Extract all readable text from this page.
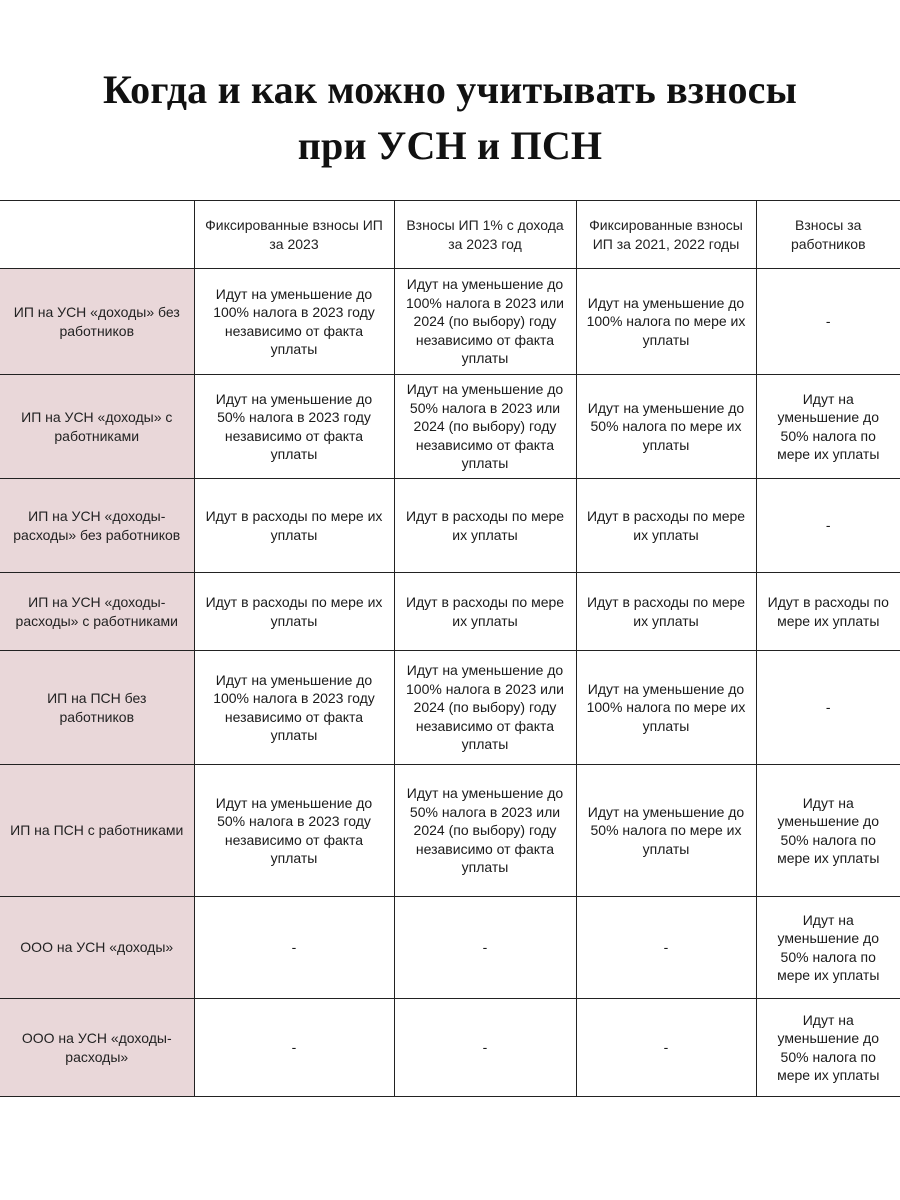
Когда и как можно учитывать взносы
при УСН и ПСН
	Фиксированные взносы ИП за 2023	Взносы ИП 1% с дохода за 2023 год	Фиксированные взносы ИП за 2021, 2022 годы	Взносы за работников
ИП на УСН «доходы» без работников	Идут на уменьшение до 100% налога в 2023 году независимо от факта уплаты	Идут на уменьшение до 100% налога в 2023 или 2024 (по выбору) году независимо от факта уплаты	Идут на уменьшение до 100% налога по мере их уплаты	-
ИП на УСН «доходы» с работниками	Идут на уменьшение до 50% налога в 2023 году независимо от факта уплаты	Идут на уменьшение до 50% налога в 2023 или 2024 (по выбору) году независимо от факта уплаты	Идут на уменьшение до 50% налога по мере их уплаты	Идут на уменьшение до 50% налога по мере их уплаты
ИП на УСН «доходы-расходы» без работников	Идут в расходы по мере их уплаты	Идут в расходы по мере их уплаты	Идут в расходы по мере их уплаты	-
ИП на УСН «доходы-расходы» с работниками	Идут в расходы по мере их уплаты	Идут в расходы по мере их уплаты	Идут в расходы по мере их уплаты	Идут в расходы по мере их уплаты
ИП на ПСН без работников	Идут на уменьшение до 100% налога в 2023 году независимо от факта уплаты	Идут на уменьшение до 100% налога в 2023 или 2024 (по выбору) году независимо от факта уплаты	Идут на уменьшение до 100% налога по мере их уплаты	-
ИП на ПСН с работниками	Идут на уменьшение до 50% налога в 2023 году независимо от факта уплаты	Идут на уменьшение до 50% налога в 2023 или 2024 (по выбору) году независимо от факта уплаты	Идут на уменьшение до 50% налога по мере их уплаты	Идут на уменьшение до 50% налога по мере их уплаты
ООО на УСН «доходы»	-	-	-	Идут на уменьшение до 50% налога по мере их уплаты
ООО на УСН «доходы-расходы»	-	-	-	Идут на уменьшение до 50% налога по мере их уплаты
